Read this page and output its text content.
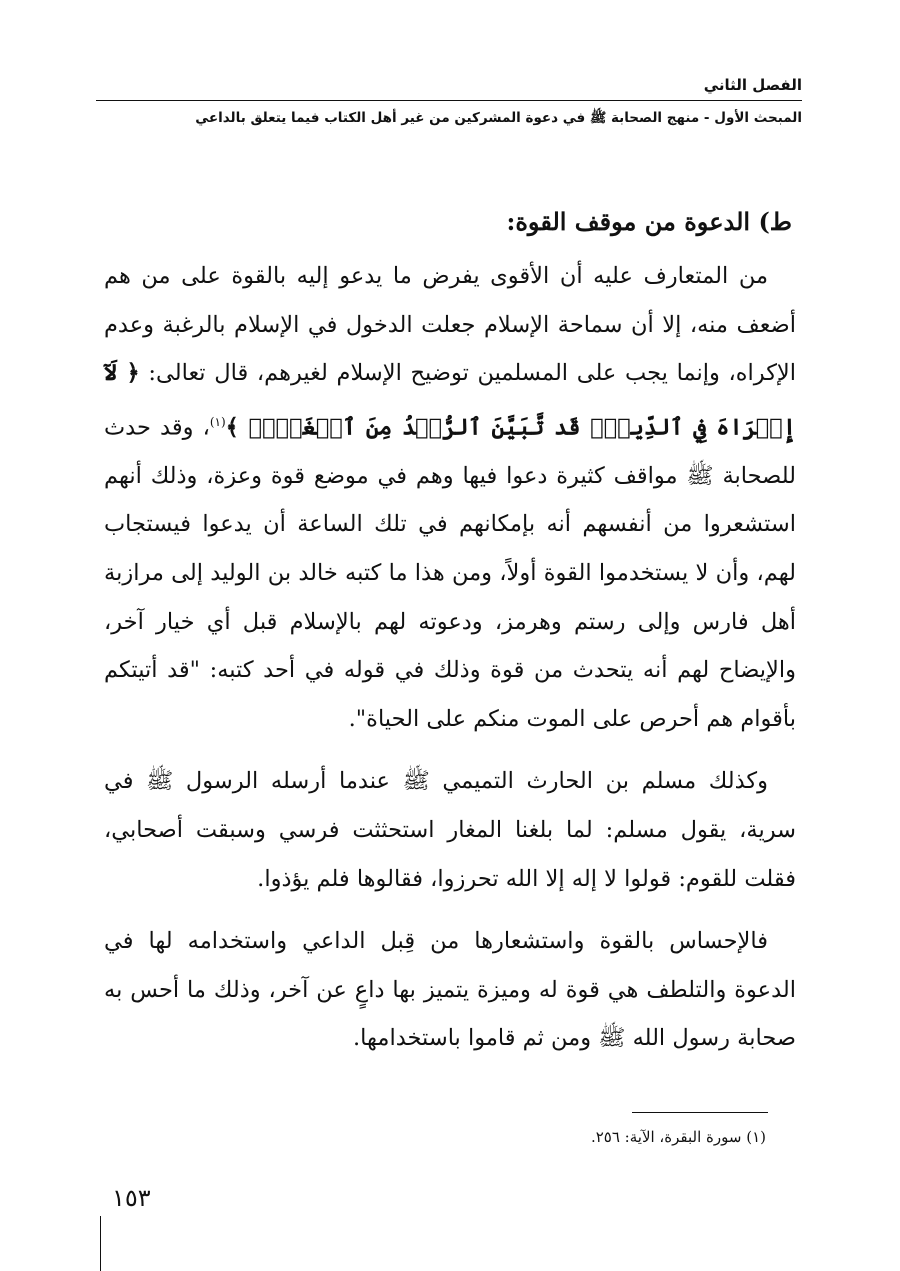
الفصل الثاني
المبحث الأول - منهج الصحابة ﷺ في دعوة المشركين من غير أهل الكتاب فيما يتعلق بالداعي
ط) الدعوة من موقف القوة:

من المتعارف عليه أن الأقوى يفرض ما يدعو إليه بالقوة على من هم أضعف منه، إلا أن سماحة الإسلام جعلت الدخول في الإسلام بالرغبة وعدم الإكراه، وإنما يجب على المسلمين توضيح الإسلام لغيرهم، قال تعالى: ﴿ لَآ إِكۡرَاهَ فِي ٱلدِّينِۖ قَد تَّبَيَّنَ ٱلرُّشۡدُ مِنَ ٱلۡغَيِّۚ ﴾$^{(١)}$، وقد حدث للصحابة ﷺ مواقف كثيرة دعوا فيها وهم في موضع قوة وعزة، وذلك أنهم استشعروا من أنفسهم أنه بإمكانهم في تلك الساعة أن يدعوا فيستجاب لهم، وأن لا يستخدموا القوة أولاً، ومن هذا ما كتبه خالد بن الوليد إلى مرازبة أهل فارس وإلى رستم وهرمز، ودعوته لهم بالإسلام قبل أي خيار آخر، والإيضاح لهم أنه يتحدث من قوة وذلك في قوله في أحد كتبه: "قد أتيتكم بأقوام هم أحرص على الموت منكم على الحياة".

وكذلك مسلم بن الحارث التميمي ﷺ عندما أرسله الرسول ﷺ في سرية، يقول مسلم: لما بلغنا المغار استحثثت فرسي وسبقت أصحابي، فقلت للقوم: قولوا لا إله إلا الله تحرزوا، فقالوها فلم يؤذوا.

فالإحساس بالقوة واستشعارها من قِبل الداعي واستخدامه لها في الدعوة والتلطف هي قوة له وميزة يتميز بها داعٍ عن آخر، وذلك ما أحس به صحابة رسول الله ﷺ ومن ثم قاموا باستخدامها.

(١) سورة البقرة، الآية: ٢٥٦.
١٥٣
